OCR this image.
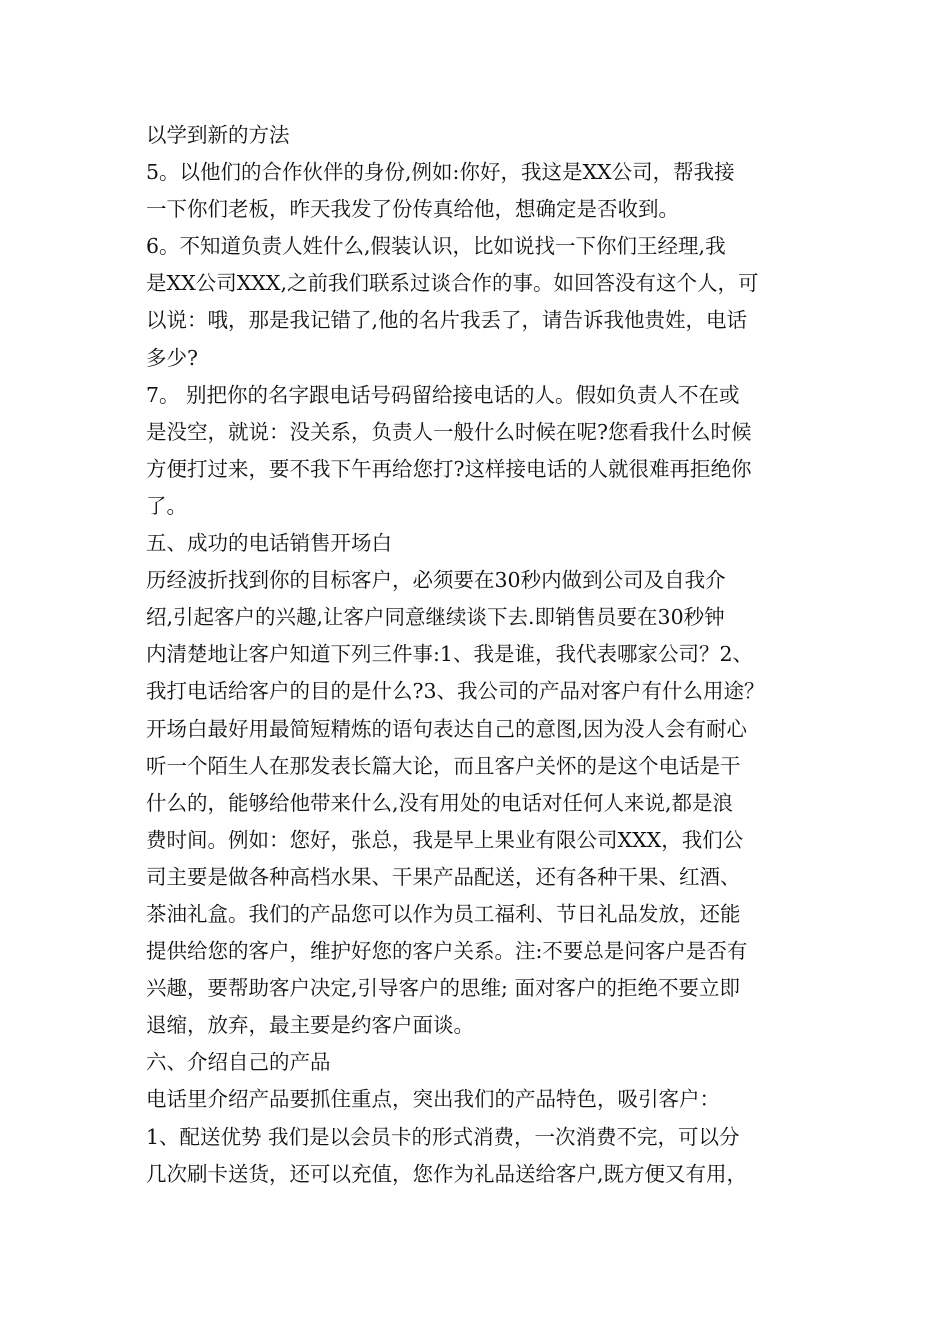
以学到新的方法
5。以他们的合作伙伴的身份,例如:你好，我这是XX公司，帮我接
一下你们老板，昨天我发了份传真给他，想确定是否收到。
6。不知道负责人姓什么,假装认识，比如说找一下你们王经理,我
是XX公司XXX,之前我们联系过谈合作的事。如回答没有这个人，可
以说：哦，那是我记错了,他的名片我丢了，请告诉我他贵姓，电话
多少?
7。 别把你的名字跟电话号码留给接电话的人。假如负责人不在或
是没空，就说：没关系，负责人一般什么时候在呢?您看我什么时候
方便打过来，要不我下午再给您打?这样接电话的人就很难再拒绝你
了。
五、成功的电话销售开场白
历经波折找到你的目标客户，必须要在30秒内做到公司及自我介
绍,引起客户的兴趣,让客户同意继续谈下去.即销售员要在30秒钟
内清楚地让客户知道下列三件事:1、我是谁，我代表哪家公司？2、
我打电话给客户的目的是什么?3、我公司的产品对客户有什么用途？
开场白最好用最简短精炼的语句表达自己的意图,因为没人会有耐心
听一个陌生人在那发表长篇大论，而且客户关怀的是这个电话是干
什么的，能够给他带来什么,没有用处的电话对任何人来说,都是浪
费时间。例如：您好，张总，我是早上果业有限公司XXX，我们公
司主要是做各种高档水果、干果产品配送，还有各种干果、红酒、
茶油礼盒。我们的产品您可以作为员工福利、节日礼品发放，还能
提供给您的客户，维护好您的客户关系。注:不要总是问客户是否有
兴趣，要帮助客户决定,引导客户的思维; 面对客户的拒绝不要立即
退缩，放弃，最主要是约客户面谈。
六、介绍自己的产品
电话里介绍产品要抓住重点，突出我们的产品特色，吸引客户：
1、配送优势 我们是以会员卡的形式消费，一次消费不完，可以分
几次刷卡送货，还可以充值，您作为礼品送给客户,既方便又有用，
